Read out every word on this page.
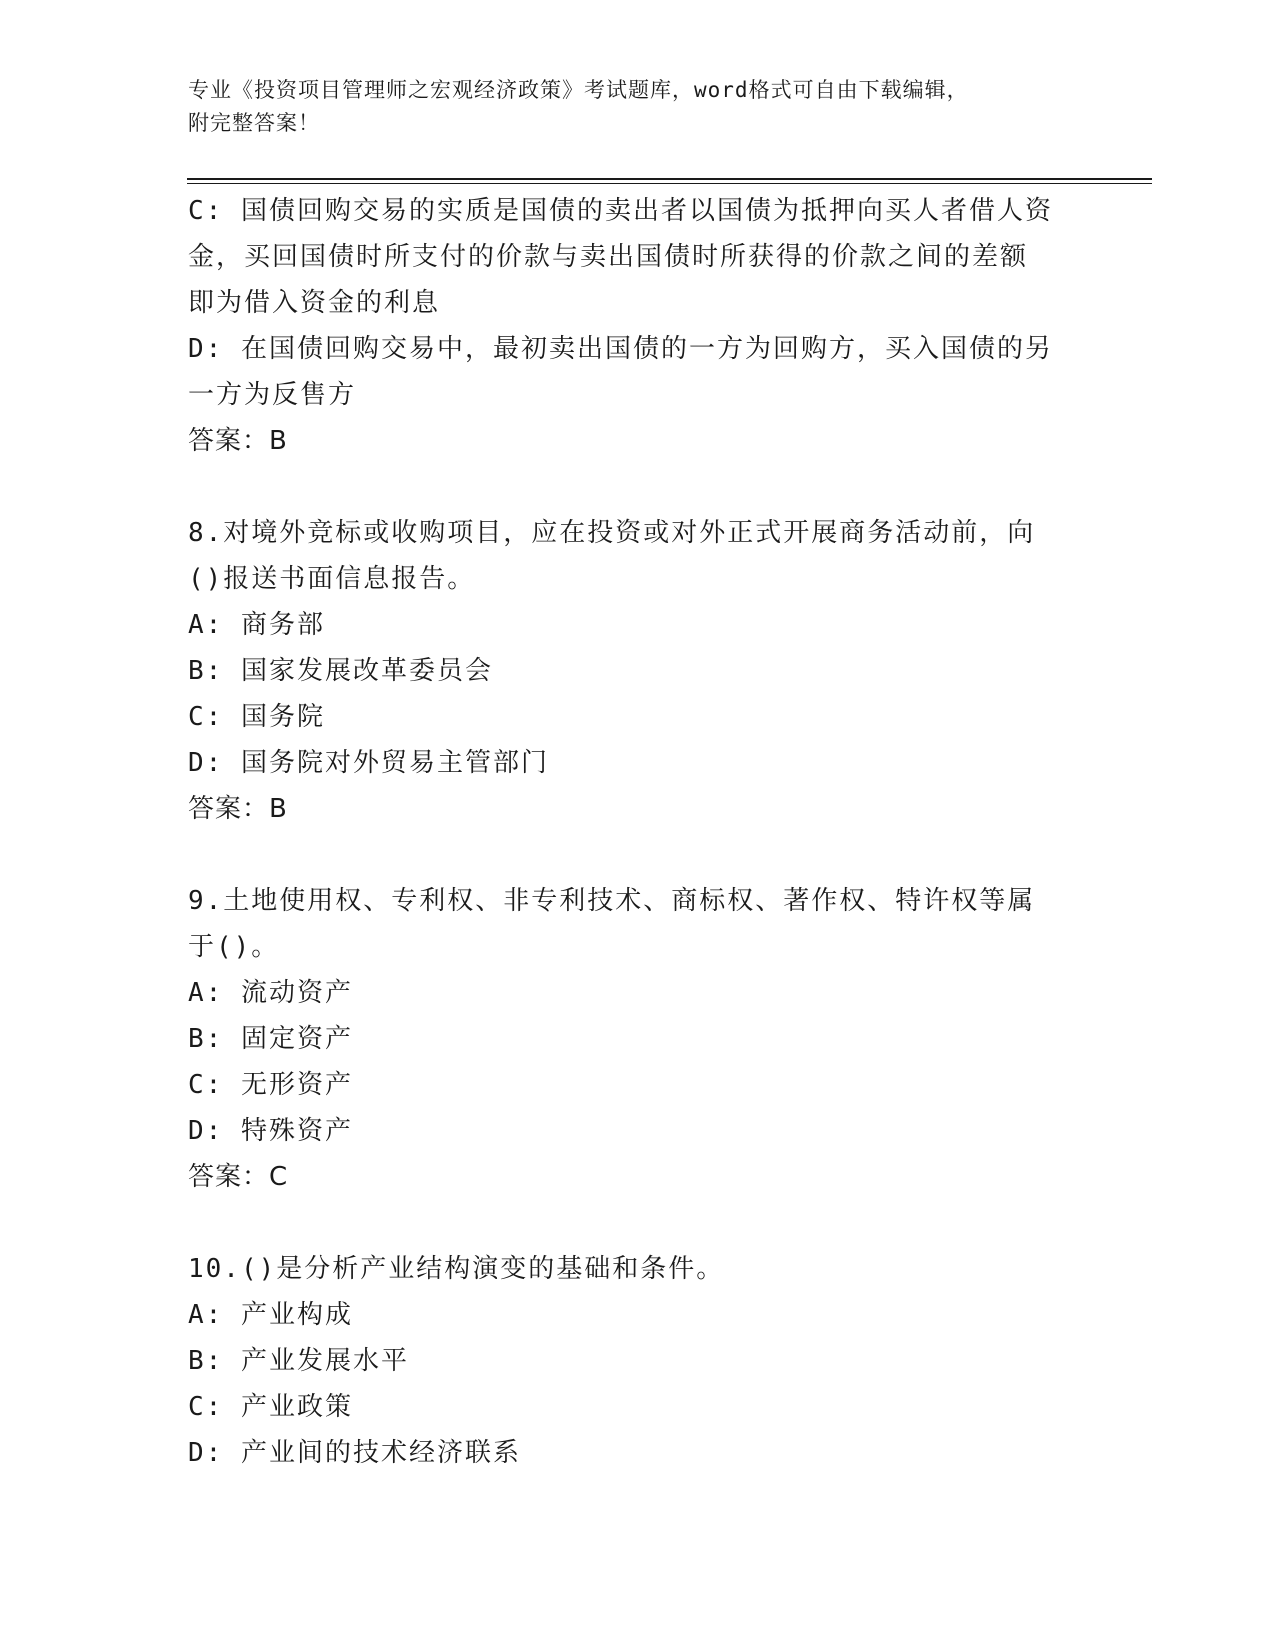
专业《投资项目管理师之宏观经济政策》考试题库，word格式可自由下载编辑，
附完整答案！
C: 国债回购交易的实质是国债的卖出者以国债为抵押向买人者借人资
金，买回国债时所支付的价款与卖出国债时所获得的价款之间的差额
即为借入资金的利息
D: 在国债回购交易中，最初卖出国债的一方为回购方，买入国债的另
一方为反售方
答案：B
8.对境外竞标或收购项目，应在投资或对外正式开展商务活动前，向
()报送书面信息报告。
A: 商务部
B: 国家发展改革委员会
C: 国务院
D: 国务院对外贸易主管部门
答案：B
9.土地使用权、专利权、非专利技术、商标权、著作权、特许权等属
于()。
A: 流动资产
B: 固定资产
C: 无形资产
D: 特殊资产
答案：C
10.()是分析产业结构演变的基础和条件。
A: 产业构成
B: 产业发展水平
C: 产业政策
D: 产业间的技术经济联系
